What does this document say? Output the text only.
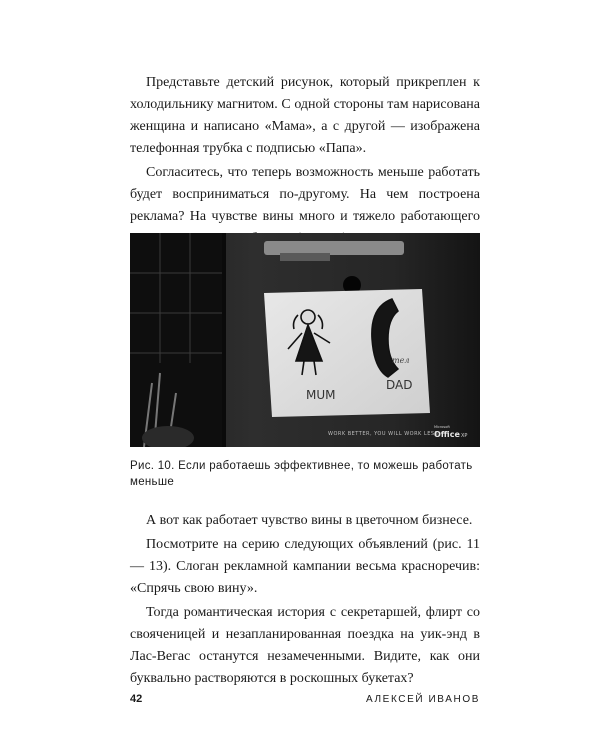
Представьте детский рисунок, который прикреплен к холодильнику магнитом. С одной стороны там нарисована женщина и написано «Мама», а с другой — изображена телефонная трубка с подписью «Папа».

Согласитесь, что теперь возможность меньше работать будет восприниматься по-другому. На чем построена реклама? На чувстве вины много и тяжело работающего

MUM
DAD
тел
WORK BETTER, YOU WILL WORK LESS.
Microsoft
Office XP
Рис. 10. Если работаешь эффективнее, то можешь работать меньше

А вот как работает чувство вины в цветочном бизнесе.

Посмотрите на серию следующих объявлений (рис. 11 — 13). Слоган рекламной кампании весьма красноречив: «Спрячь свою вину».

Тогда романтическая история с секретаршей, флирт со свояченицей и незапланированная поездка на уик-энд в Лас-Вегас останутся незамеченными. Видите, как они буквально растворяются в роскошных букетах?

42	АЛЕКСЕЙ ИВАНОВ
